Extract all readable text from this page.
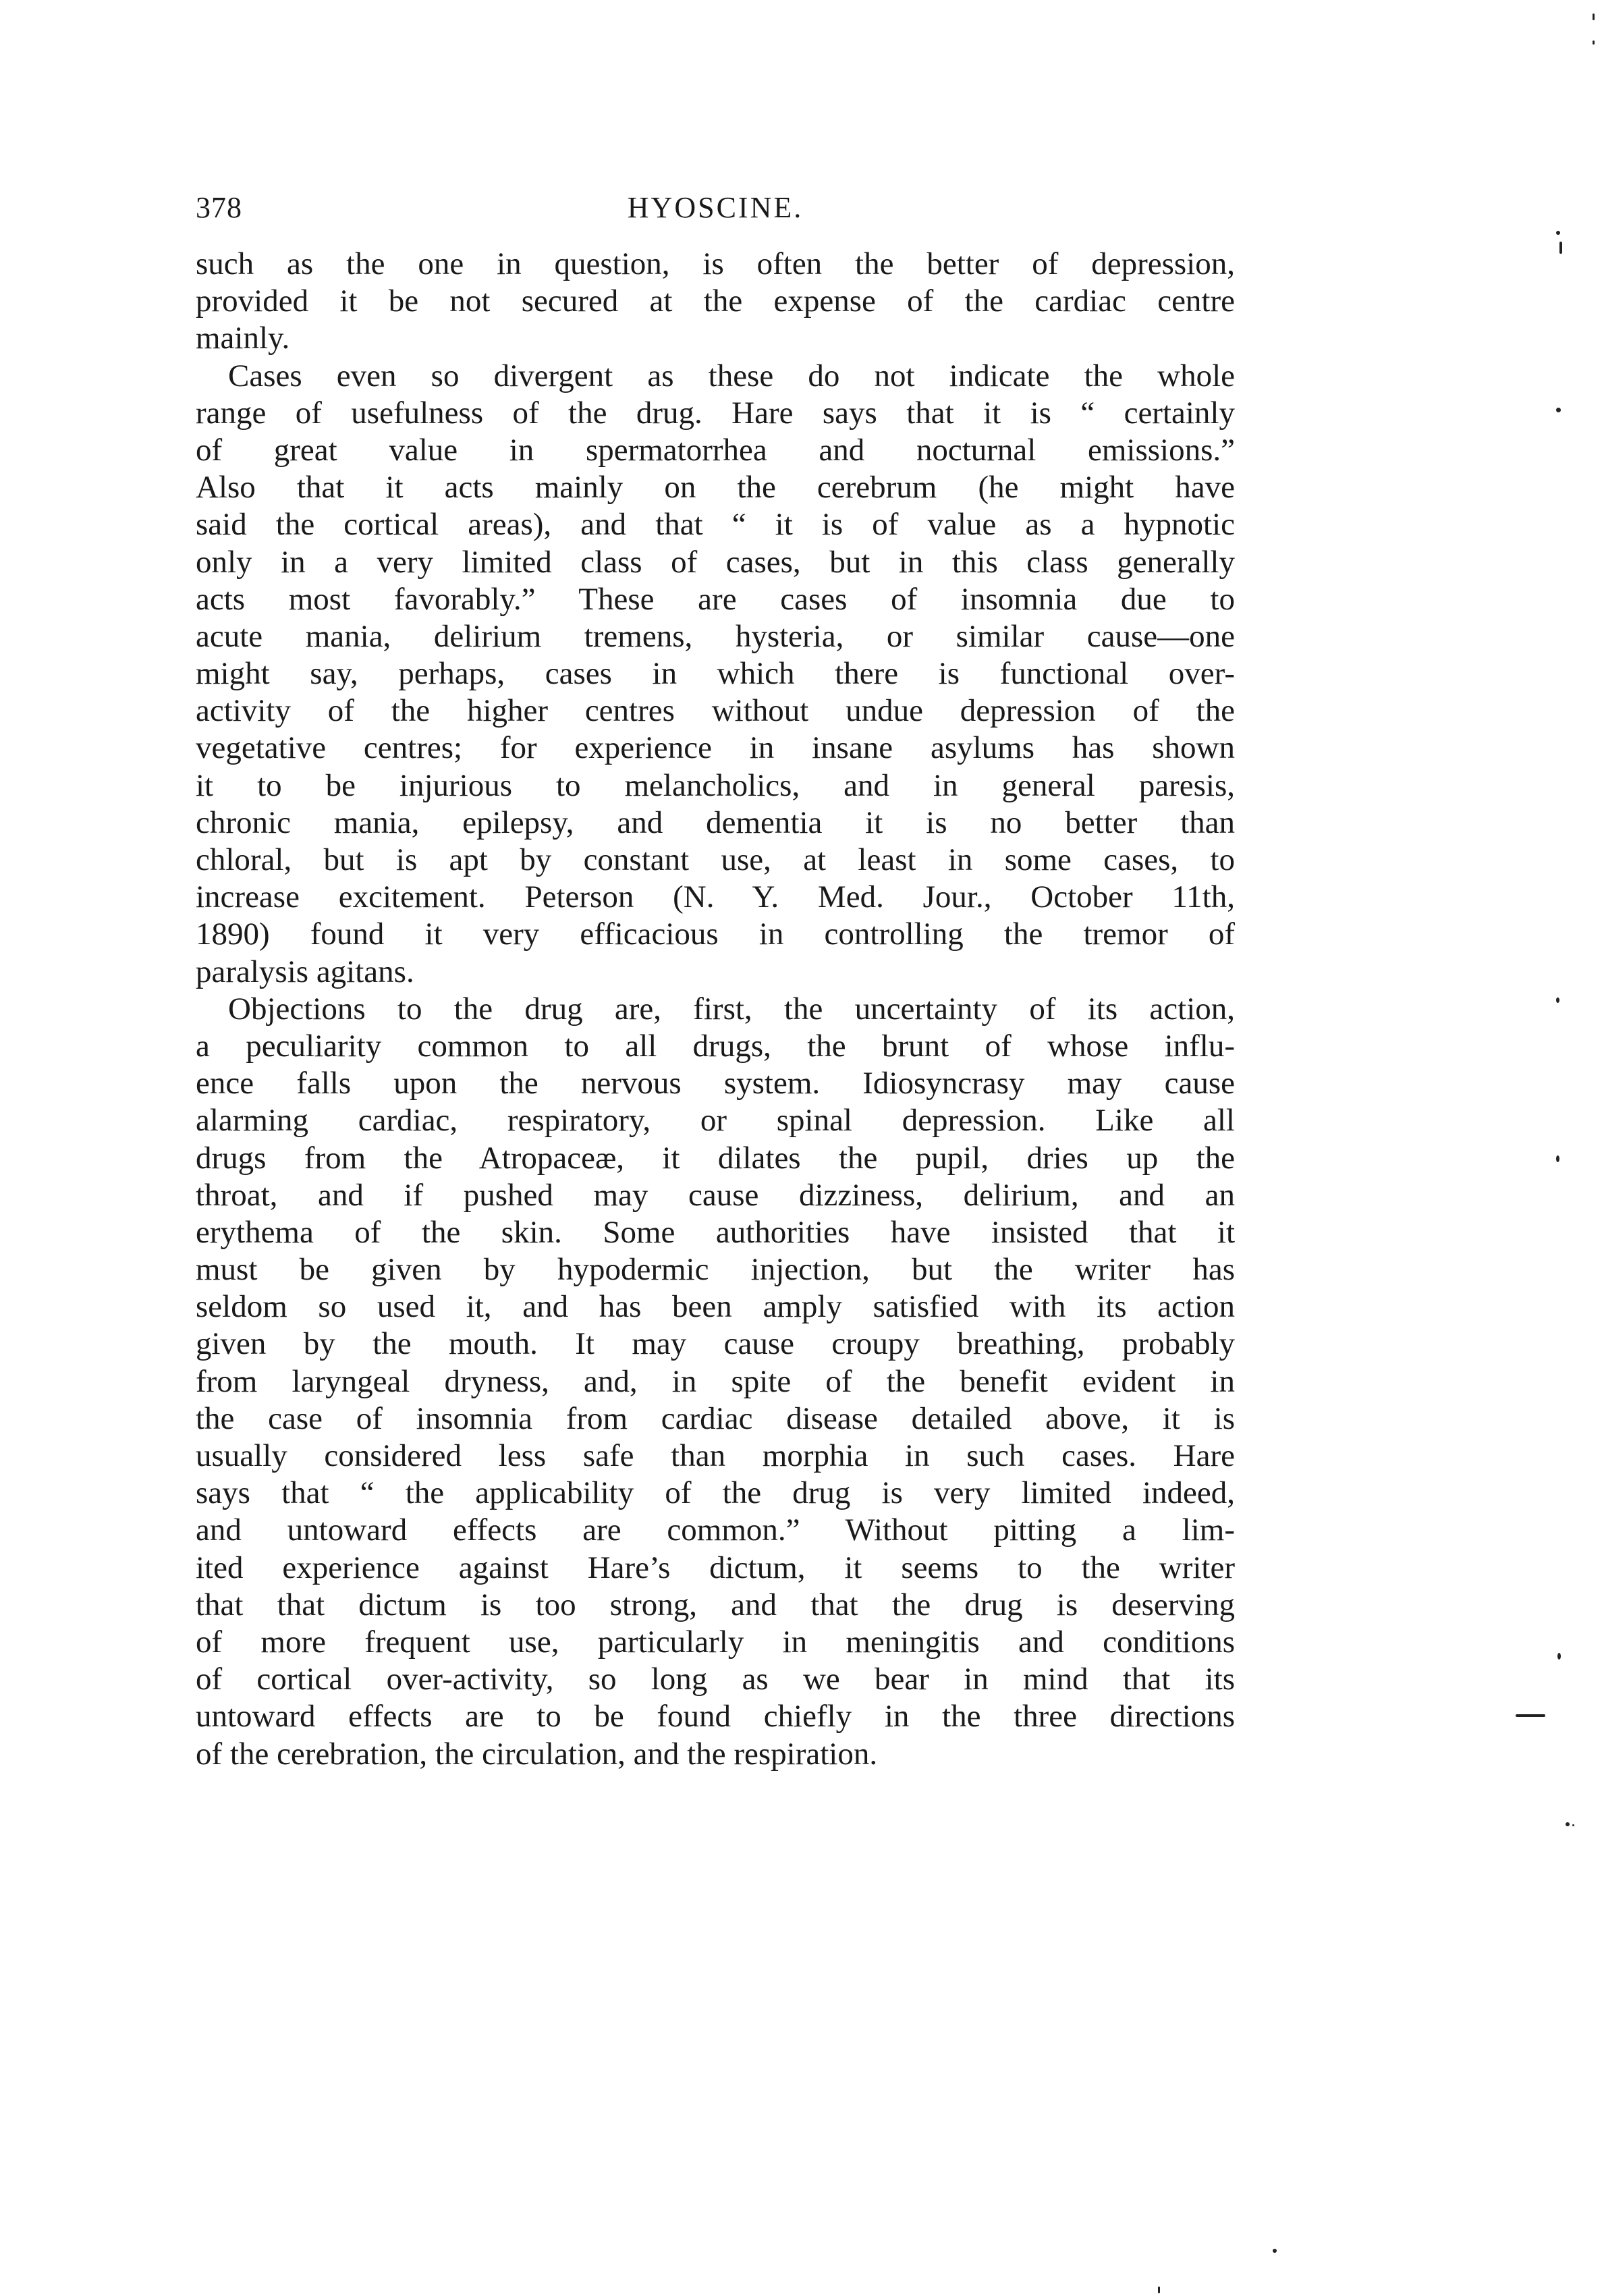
378	HYOSCINE.
such as the one in question, is often the better of depression,
provided it be not secured at the expense of the cardiac centre
mainly.
Cases even so divergent as these do not indicate the whole
range of usefulness of the drug. Hare says that it is “ certainly
of great value in spermatorrhea and nocturnal emissions.”
Also that it acts mainly on the cerebrum (he might have
said the cortical areas), and that “ it is of value as a hypnotic
only in a very limited class of cases, but in this class generally
acts most favorably.” These are cases of insomnia due to
acute mania, delirium tremens, hysteria, or similar cause—one
might say, perhaps, cases in which there is functional over-
activity of the higher centres without undue depression of the
vegetative centres; for experience in insane asylums has shown
it to be injurious to melancholics, and in general paresis,
chronic mania, epilepsy, and dementia it is no better than
chloral, but is apt by constant use, at least in some cases, to
increase excitement. Peterson (N. Y. Med. Jour., October 11th,
1890) found it very efficacious in controlling the tremor of
paralysis agitans.
Objections to the drug are, first, the uncertainty of its action,
a peculiarity common to all drugs, the brunt of whose influ-
ence falls upon the nervous system. Idiosyncrasy may cause
alarming cardiac, respiratory, or spinal depression. Like all
drugs from the Atropaceæ, it dilates the pupil, dries up the
throat, and if pushed may cause dizziness, delirium, and an
erythema of the skin. Some authorities have insisted that it
must be given by hypodermic injection, but the writer has
seldom so used it, and has been amply satisfied with its action
given by the mouth. It may cause croupy breathing, probably
from laryngeal dryness, and, in spite of the benefit evident in
the case of insomnia from cardiac disease detailed above, it is
usually considered less safe than morphia in such cases. Hare
says that “ the applicability of the drug is very limited indeed,
and untoward effects are common.” Without pitting a lim-
ited experience against Hare’s dictum, it seems to the writer
that that dictum is too strong, and that the drug is deserving
of more frequent use, particularly in meningitis and conditions
of cortical over-activity, so long as we bear in mind that its
untoward effects are to be found chiefly in the three directions
of the cerebration, the circulation, and the respiration.
